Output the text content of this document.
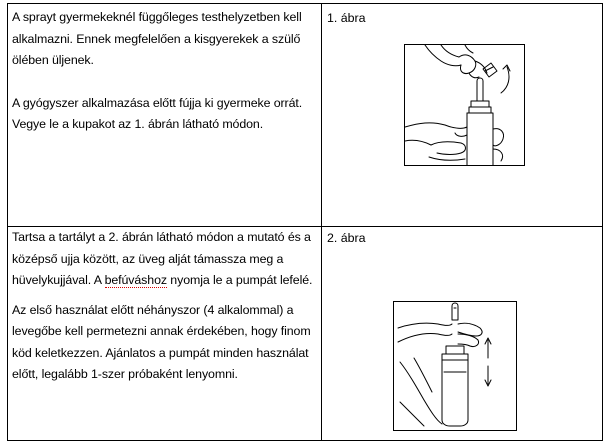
A sprayt gyermekeknél függőleges testhelyzetben kell alkalmazni. Ennek megfelelően a kisgyerekek a szülő ölében üljenek.

A gyógyszer alkalmazása előtt fújja ki gyermeke orrát. Vegye le a kupakot az 1. ábrán látható módon.

1. ábra

Tartsa a tartályt a 2. ábrán látható módon a mutató és a középső ujja között, az üveg alját támassza meg a hüvelykujjával. A befúváshoz nyomja le a pumpát lefelé.

Az első használat előtt néhányszor (4 alkalommal) a levegőbe kell permetezni annak érdekében, hogy finom köd keletkezzen. Ajánlatos a pumpát minden használat előtt, legalább 1-szer próbaként lenyomni.

2. ábra
